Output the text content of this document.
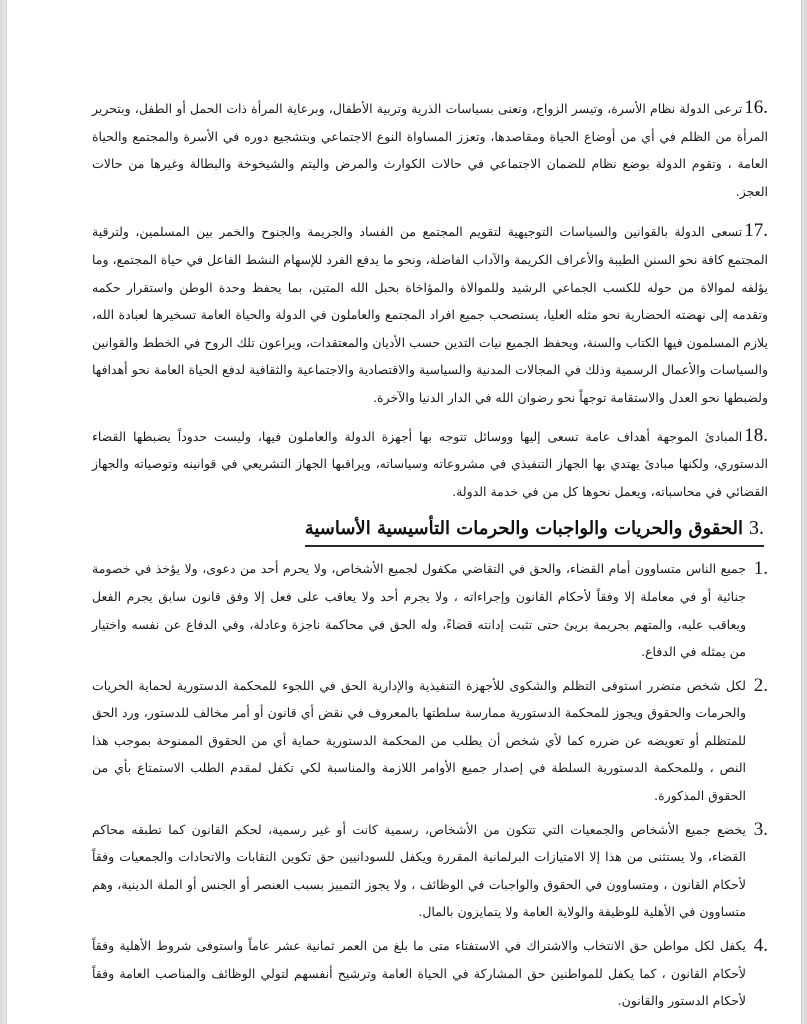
16.ترعى الدولة نظام الأسرة، وتيسر الزواج، وتعنى بسياسات الذرية وتربية الأطفال، وبرعاية المرأة ذات الحمل أو الطفل، وبتحرير المرأة من الظلم في أي من أوضاع الحياة ومقاصدها، وتعزز المساواة النوع الاجتماعي وبتشجيع دوره في الأسرة والمجتمع والحياة العامة ، وتقوم الدولة بوضع نظام للضمان الاجتماعي في حالات الكوارث والمرض واليتم والشيخوخة والبطالة وغيرها من حالات العجز.

17.تسعى الدولة بالقوانين والسياسات التوجيهية لتقويم المجتمع من الفساد والجريمة والجنوح والخمر بين المسلمين، ولترقية المجتمع كافة نحو السنن الطيبة والأعراف الكريمة والآداب الفاضلة، ونحو ما يدفع الفرد للإسهام النشط الفاعل في حياة المجتمع، وما يؤلفه لموالاة من حوله للكسب الجماعي الرشيد وللموالاة والمؤاخاة بحبل الله المتين، بما يحفظ وحدة الوطن واستقرار حكمه وتقدمه إلى نهضته الحضارية نحو مثله العليا، يستصحب جميع افراد المجتمع والعاملون في الدولة والحياة العامة تسخيرها لعبادة الله، يلازم المسلمون فيها الكتاب والسنة، ويحفظ الجميع نيات التدين حسب الأديان والمعتقدات، ويراعون تلك الروح في الخطط والقوانين والسياسات والأعمال الرسمية وذلك في المجالات المدنية والسياسية والاقتصادية والاجتماعية والثقافية لدفع الحياة العامة نحو أهدافها ولضبطها نحو العدل والاستقامة توجهاً نحو رضوان الله في الدار الدنيا والآخرة.

18.المبادئ الموجهة أهداف عامة تسعى إليها ووسائل تتوجه بها أجهزة الدولة والعاملون فيها، وليست حدوداً يضبطها القضاء الدستوري، ولكنها مبادئ يهتدي بها الجهاز التنفيذي في مشروعاته وسياساته، ويراقبها الجهاز التشريعي في قوانينه وتوصياته والجهاز القضائي في محاسباته، ويعمل نحوها كل من في خدمة الدولة.

3.الحقوق والحريات والواجبات والحرمات التأسيسية الأساسية
1.
جميع الناس متساوون أمام القضاء، والحق في التقاضي مكفول لجميع الأشخاص، ولا يحرم أحد من دعوى، ولا يؤخذ في خصومة جنائية أو في معاملة إلا وفقاً لأحكام القانون وإجراءاته ، ولا يجرم أحد ولا يعاقب على فعل إلا وفق قانون سابق يجرم الفعل ويعاقب عليه، والمتهم بجريمة بريئ حتى تثبت إدانته قضاءً، وله الحق في محاكمة ناجزة وعادلة، وفي الدفاع عن نفسه واختيار من يمثله في الدفاع.
2.
لكل شخص متضرر استوفى التظلم والشكوى للأجهزة التنفيذية والإدارية الحق في اللجوء للمحكمة الدستورية لحماية الحريات والحرمات والحقوق ويجوز للمحكمة الدستورية ممارسة سلطتها بالمعروف في نقض أي قانون أو أمر مخالف للدستور، ورد الحق للمتظلم أو تعويضه عن ضرره كما لأي شخص أن يطلب من المحكمة الدستورية حماية أي من الحقوق الممنوحة بموجب هذا النص ، وللمحكمة الدستورية السلطة في إصدار جميع الأوامر اللازمة والمناسبة لكي تكفل لمقدم الطلب الاستمتاع بأي من الحقوق المذكورة.
3.
يخضع جميع الأشخاص والجمعيات التي تتكون من الأشخاص، رسمية كانت أو غير رسمية، لحكم القانون كما تطبقه محاكم القضاء، ولا يستثنى من هذا إلا الامتيازات البرلمانية المقررة ويكفل للسودانيين حق تكوين النقابات والاتحادات والجمعيات وفقاً لأحكام القانون ، ومتساوون في الحقوق والواجبات في الوظائف ، ولا يجوز التمييز بسبب العنصر أو الجنس أو الملة الدينية، وهم متساوون في الأهلية للوظيفة والولاية العامة ولا يتمايزون بالمال.
4.
يكفل لكل مواطن حق الانتخاب والاشتراك في الاستفتاء متى ما بلغ من العمر ثمانية عشر عاماً واستوفى شروط الأهلية وفقاً لأحكام القانون ، كما يكفل للمواطنين حق المشاركة في الحياة العامة وترشيح أنفسهم لتولي الوظائف والمناصب العامة وفقاً لأحكام الدستور والقانون.
